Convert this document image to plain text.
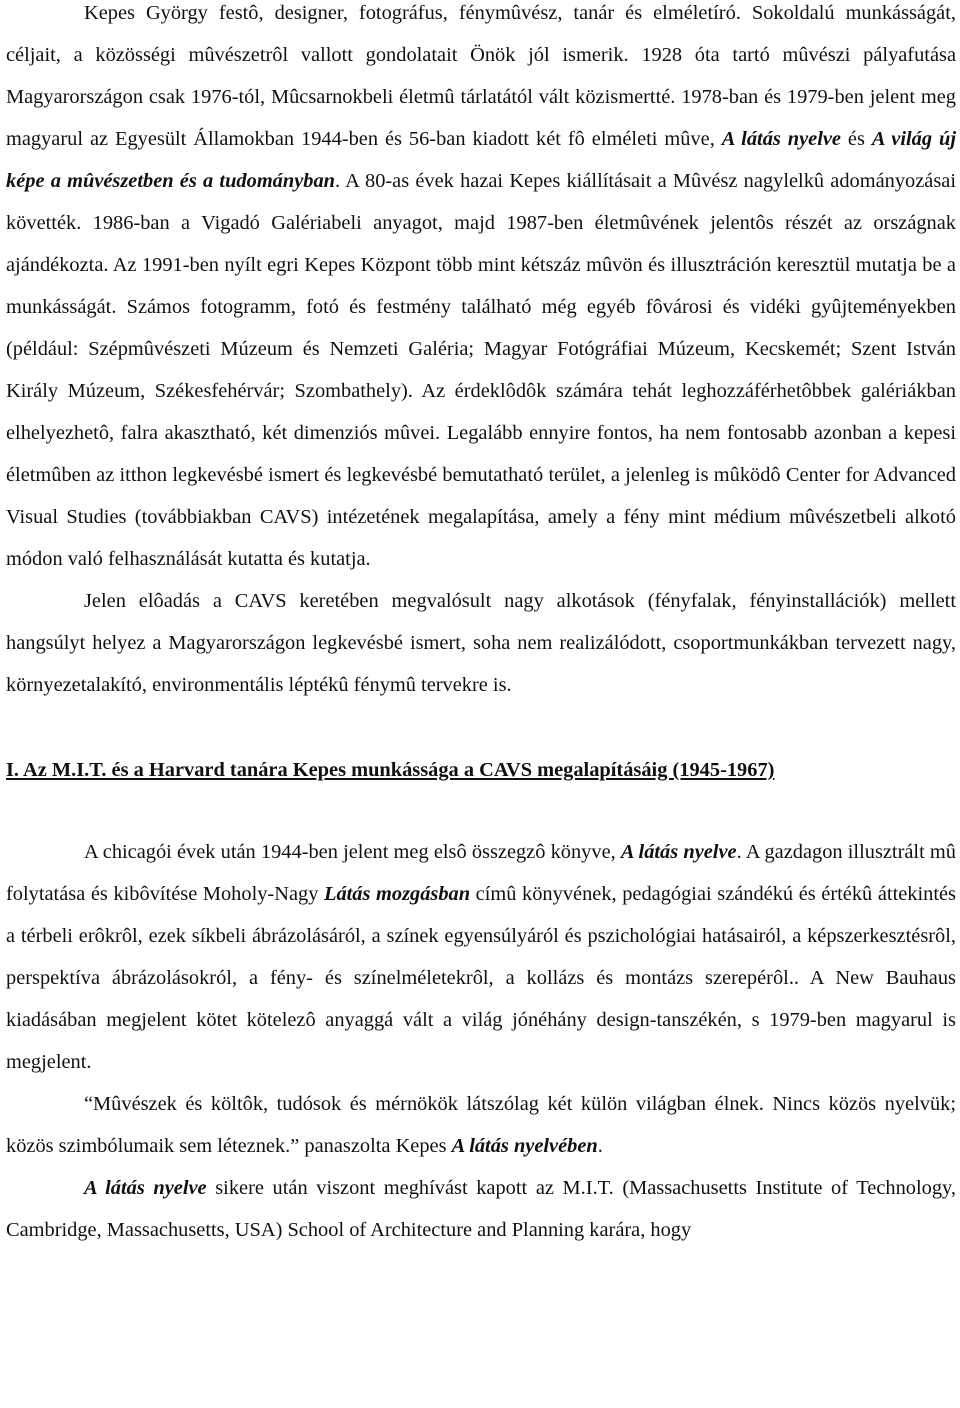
Kepes György festô, designer, fotográfus, fénymûvész, tanár és elméletíró. Sokoldalú munkásságát, céljait, a közösségi mûvészetrôl vallott gondolatait Önök jól ismerik. 1928 óta tartó mûvészi pályafutása Magyarországon csak 1976-tól, Mûcsarnokbeli életmû tárlatától vált közismertté. 1978-ban és 1979-ben jelent meg magyarul az Egyesült Államokban 1944-ben és 56-ban kiadott két fô elméleti mûve, A látás nyelve és A világ új képe a mûvészetben és a tudományban. A 80-as évek hazai Kepes kiállításait a Mûvész nagylelkû adományozásai követték. 1986-ban a Vigadó Galériabeli anyagot, majd 1987-ben életmûvének jelentôs részét az országnak ajándékozta. Az 1991-ben nyílt egri Kepes Központ több mint kétszáz mûvön és illusztráción keresztül mutatja be a munkásságát. Számos fotogramm, fotó és festmény található még egyéb fôvárosi és vidéki gyûjteményekben (például: Szépmûvészeti Múzeum és Nemzeti Galéria; Magyar Fotógráfiai Múzeum, Kecskemét; Szent István Király Múzeum, Székesfehérvár; Szombathely). Az érdeklôdôk számára tehát leghozzáférhetôbbek galériákban elhelyezhetô, falra akasztható, két dimenziós mûvei. Legalább ennyire fontos, ha nem fontosabb azonban a kepesi életmûben az itthon legkevésbé ismert és legkevésbé bemutatható terület, a jelenleg is mûködô Center for Advanced Visual Studies (továbbiakban CAVS) intézetének megalapítása, amely a fény mint médium mûvészetbeli alkotó módon való felhasználását kutatta és kutatja.

Jelen elôadás a CAVS keretében megvalósult nagy alkotások (fényfalak, fényinstallációk) mellett hangsúlyt helyez a Magyarországon legkevésbé ismert, soha nem realizálódott, csoportmunkákban tervezett nagy, környezetalakító, environmentális léptékû fénymû tervekre is.

I. Az M.I.T. és a Harvard tanára Kepes munkássága a CAVS megalapításáig (1945-1967)

A chicagói évek után 1944-ben jelent meg elsô összegzô könyve, A látás nyelve. A gazdagon illusztrált mû folytatása és kibôvítése Moholy-Nagy Látás mozgásban címû könyvének, pedagógiai szándékú és értékû áttekintés a térbeli erôkrôl, ezek síkbeli ábrázolásáról, a színek egyensúlyáról és pszichológiai hatásairól, a képszerkesztésrôl, perspektíva ábrázolásokról, a fény- és színelméletekrôl, a kollázs és montázs szerepérôl.. A New Bauhaus kiadásában megjelent kötet kötelezô anyaggá vált a világ jónéhány design-tanszékén, s 1979-ben magyarul is megjelent.

“Mûvészek és költôk, tudósok és mérnökök látszólag két külön világban élnek. Nincs közös nyelvük; közös szimbólumaik sem léteznek.” panaszolta Kepes A látás nyelvében.

A látás nyelve sikere után viszont meghívást kapott az M.I.T. (Massachusetts Institute of Technology, Cambridge, Massachusetts, USA) School of Architecture and Planning karára, hogy
